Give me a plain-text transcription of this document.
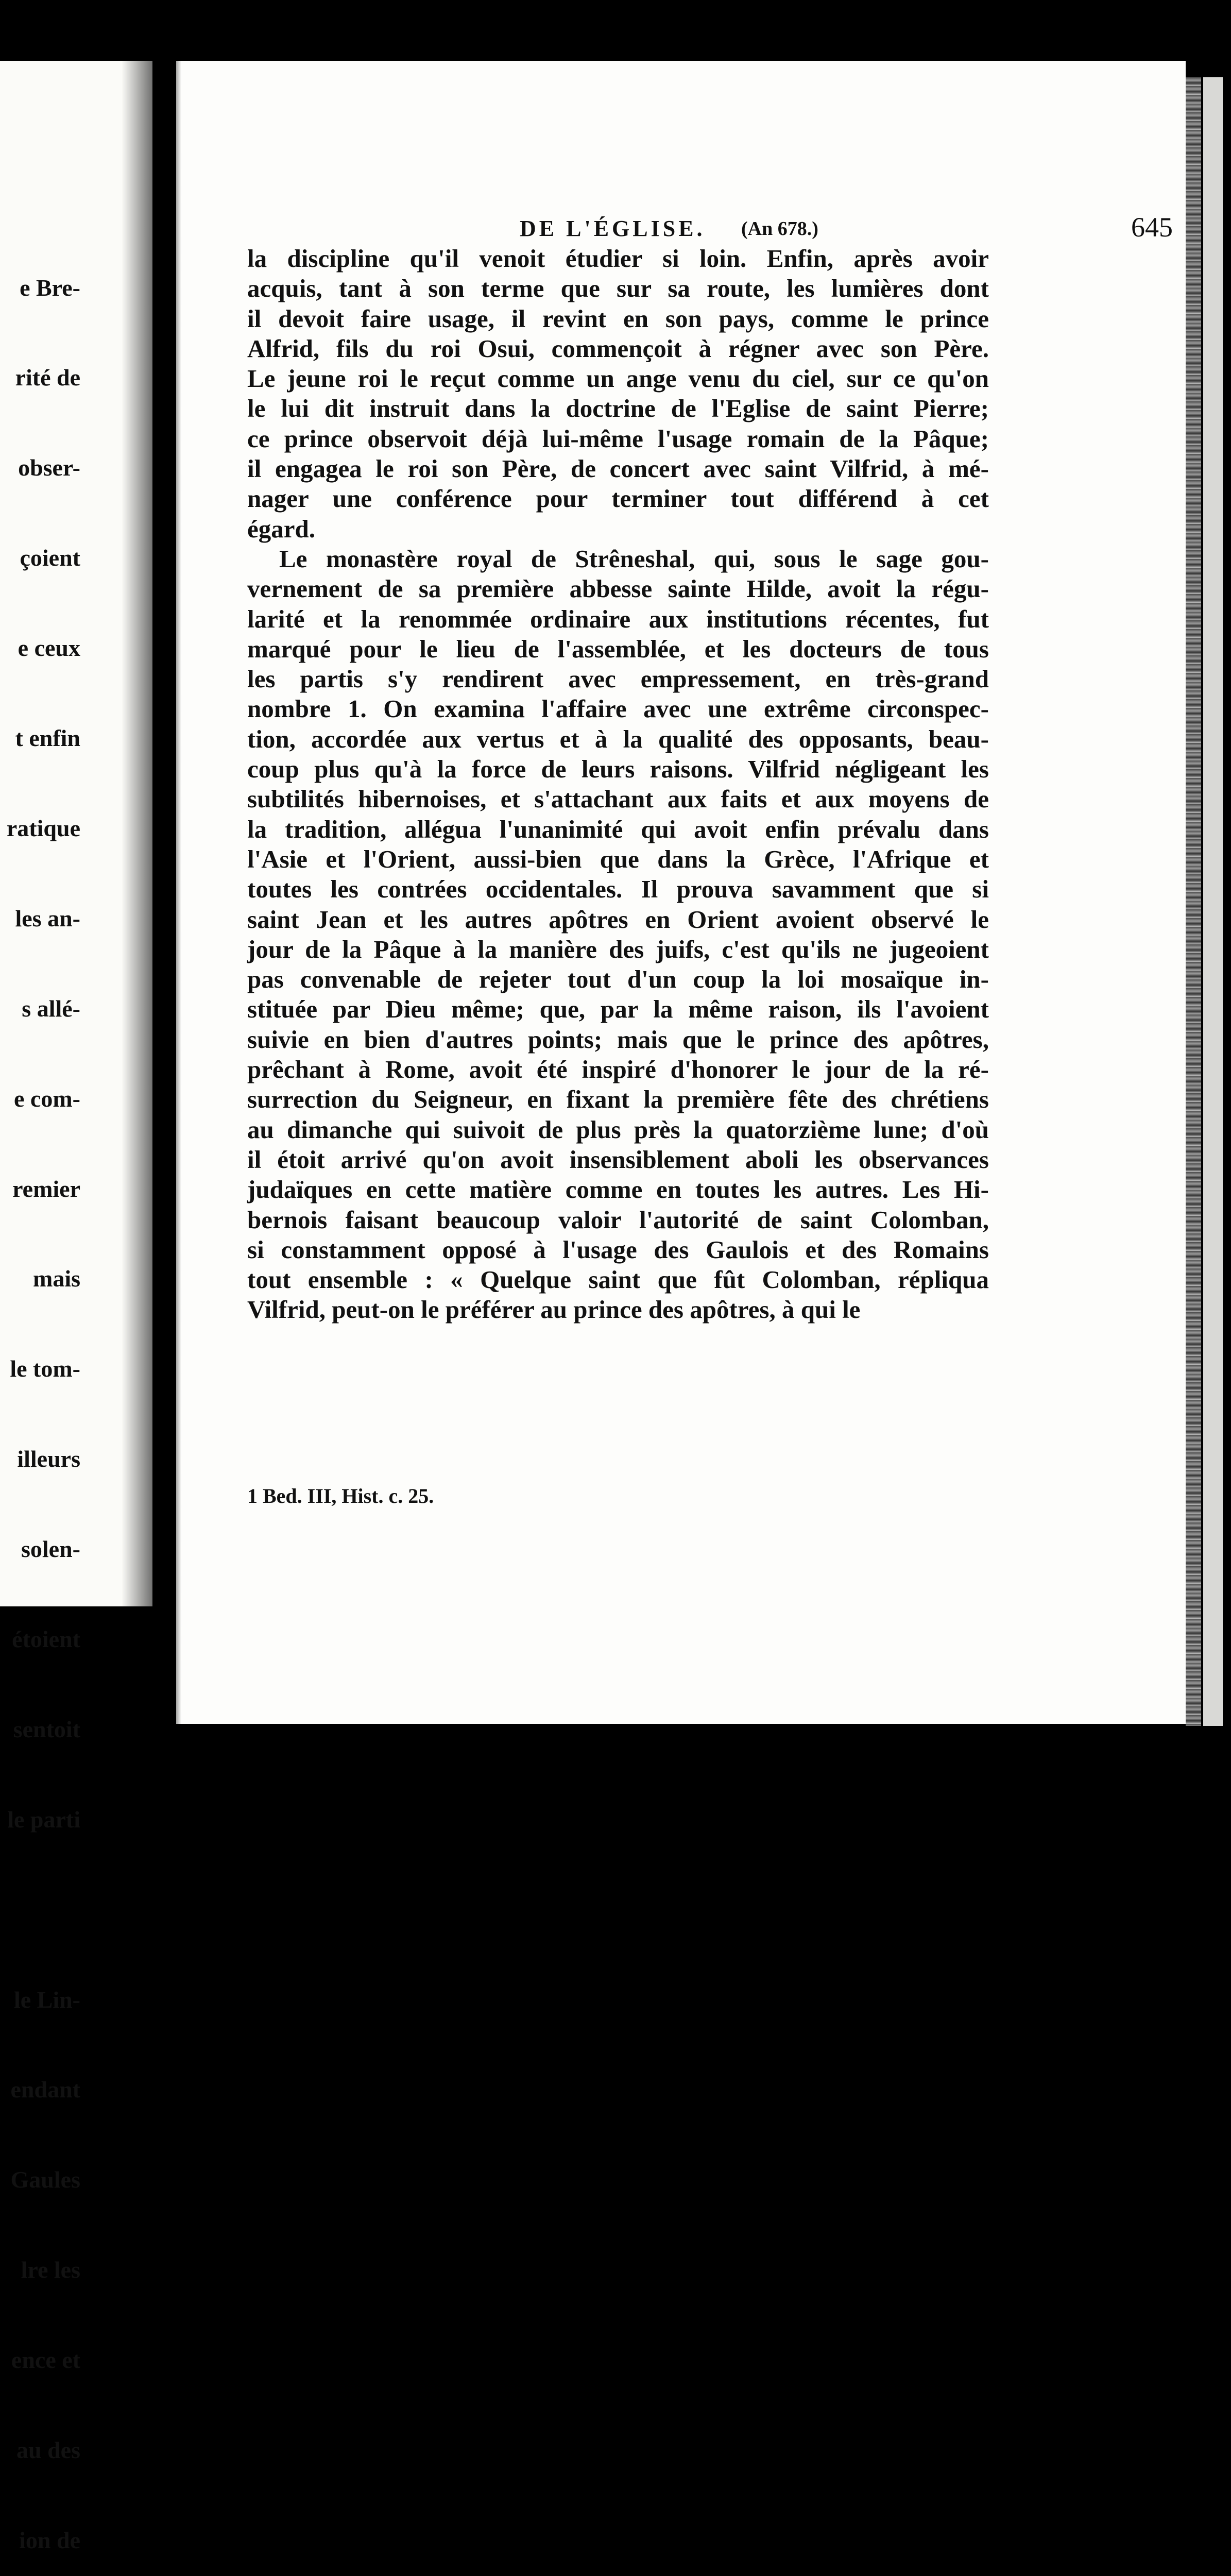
e Bre-

rité de

obser-

çoient

e ceux

t enfin

ratique

les an-

s allé-

e com-

remier

mais

le tom-

illeurs

solen-

étoient

sentoit

le parti

le Lin-

endant

Gaules

lre les

ence et

au des

ion de

DE L'ÉGLISE. (An 678.)	645
la discipline qu'il venoit étudier si loin. Enfin, après avoir
acquis, tant à son terme que sur sa route, les lumières dont
il devoit faire usage, il revint en son pays, comme le prince
Alfrid, fils du roi Osui, commençoit à régner avec son Père.
Le jeune roi le reçut comme un ange venu du ciel, sur ce qu'on
le lui dit instruit dans la doctrine de l'Eglise de saint Pierre;
ce prince observoit déjà lui-même l'usage romain de la Pâque;
il engagea le roi son Père, de concert avec saint Vilfrid, à mé-
nager une conférence pour terminer tout différend à cet
égard.
Le monastère royal de Strêneshal, qui, sous le sage gou-
vernement de sa première abbesse sainte Hilde, avoit la régu-
larité et la renommée ordinaire aux institutions récentes, fut
marqué pour le lieu de l'assemblée, et les docteurs de tous
les partis s'y rendirent avec empressement, en très-grand
nombre 1. On examina l'affaire avec une extrême circonspec-
tion, accordée aux vertus et à la qualité des opposants, beau-
coup plus qu'à la force de leurs raisons. Vilfrid négligeant les
subtilités hibernoises, et s'attachant aux faits et aux moyens de
la tradition, allégua l'unanimité qui avoit enfin prévalu dans
l'Asie et l'Orient, aussi-bien que dans la Grèce, l'Afrique et
toutes les contrées occidentales. Il prouva savamment que si
saint Jean et les autres apôtres en Orient avoient observé le
jour de la Pâque à la manière des juifs, c'est qu'ils ne jugeoient
pas convenable de rejeter tout d'un coup la loi mosaïque in-
stituée par Dieu même; que, par la même raison, ils l'avoient
suivie en bien d'autres points; mais que le prince des apôtres,
prêchant à Rome, avoit été inspiré d'honorer le jour de la ré-
surrection du Seigneur, en fixant la première fête des chrétiens
au dimanche qui suivoit de plus près la quatorzième lune; d'où
il étoit arrivé qu'on avoit insensiblement aboli les observances
judaïques en cette matière comme en toutes les autres. Les Hi-
bernois faisant beaucoup valoir l'autorité de saint Colomban,
si constamment opposé à l'usage des Gaulois et des Romains
tout ensemble : « Quelque saint que fût Colomban, répliqua
Vilfrid, peut-on le préférer au prince des apôtres, à qui le
1 Bed. III, Hist. c. 25.
